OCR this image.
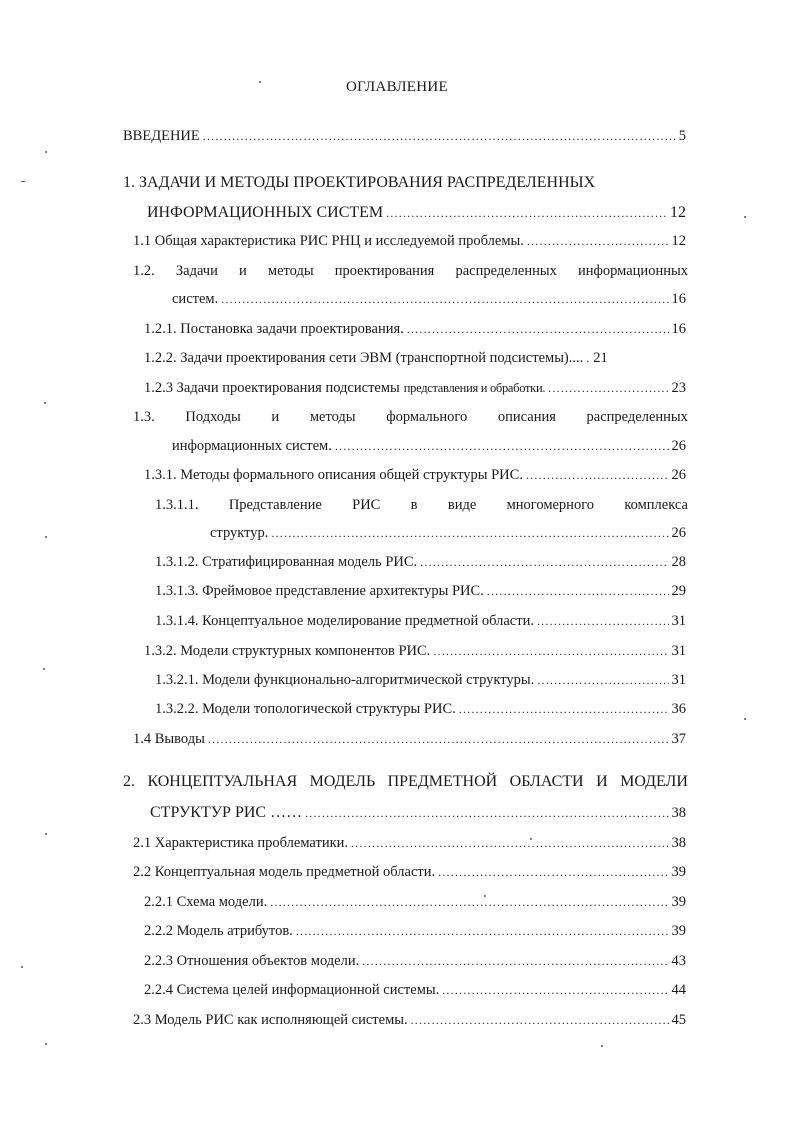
ОГЛАВЛЕНИЕ
ВВЕДЕНИЕ .....	5
1. ЗАДАЧИ И МЕТОДЫ ПРОЕКТИРОВАНИЯ РАСПРЕДЕЛЕННЫХ
ИНФОРМАЦИОННЫХ СИСТЕМ .....	12
1.1 Общая характеристика РИС РНЦ и исследуемой проблемы. .....	12
1.2. Задачи и методы проектирования распределенных информационных
систем. .....	16
1.2.1. Постановка задачи проектирования. .....	16
1.2.2. Задачи проектирования сети ЭВМ (транспортной подсистемы).... ..... 21
1.2.3 Задачи проектирования подсистемы представления и обработки. .....	23
1.3. Подходы и методы формального описания распределенных
информационных систем. .....	26
1.3.1. Методы формального описания общей структуры РИС. .....	26
1.3.1.1. Представление РИС в виде многомерного комплекса
структур. .....	26
1.3.1.2. Стратифицированная модель РИС. .....	28
1.3.1.3. Фреймовое представление архитектуры РИС. .....	29
1.3.1.4. Концептуальное моделирование предметной области. .....	31
1.3.2. Модели структурных компонентов РИС. .....	31
1.3.2.1. Модели функционально-алгоритмической структуры. .....	31
1.3.2.2. Модели топологической структуры РИС. .....	36
1.4 Выводы .....	37
2. КОНЦЕПТУАЛЬНАЯ МОДЕЛЬ ПРЕДМЕТНОЙ ОБЛАСТИ И МОДЕЛИ
СТРУКТУР РИС …… .....	38
2.1 Характеристика проблематики. .....	38
2.2 Концептуальная модель предметной области. .....	39
2.2.1 Схема модели. .....	39
2.2.2 Модель атрибутов. .....	39
2.2.3 Отношения объектов модели. .....	43
2.2.4 Система целей информационной системы. .....	44
2.3 Модель РИС как исполняющей системы. .....	45
